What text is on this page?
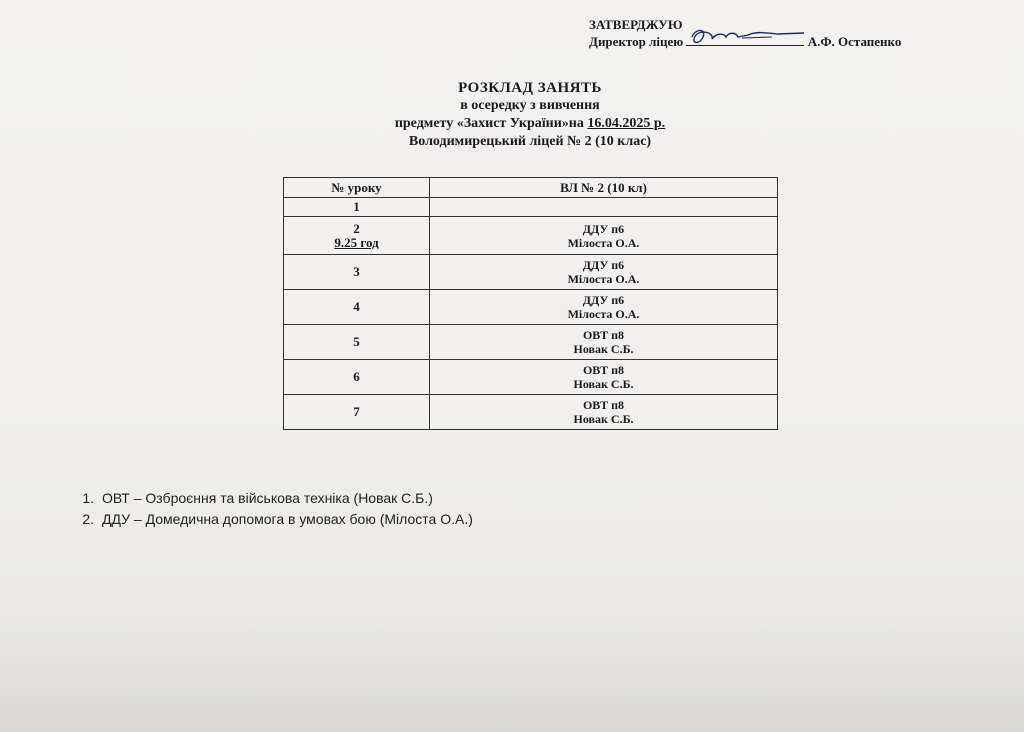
ЗАТВЕРДЖУЮ
Директор ліцею	А.Ф. Остапенко
РОЗКЛАД ЗАНЯТЬ
в осередку з вивчення
предмету «Захист України»на 16.04.2025 р.
Володимирецький ліцей № 2 (10 клас)
№ уроку	ВЛ № 2 (10 кл)

1	

2
9.25 год	ДДУ п6
Мілоста О.А.

3	ДДУ п6
Мілоста О.А.

4	ДДУ п6
Мілоста О.А.

5	ОВТ п8
Новак С.Б.

6	ОВТ п8
Новак С.Б.

7	ОВТ п8
Новак С.Б.
1. ОВТ – Озброєння та військова техніка (Новак С.Б.)
2. ДДУ – Домедична допомога в умовах бою (Мілоста О.А.)
